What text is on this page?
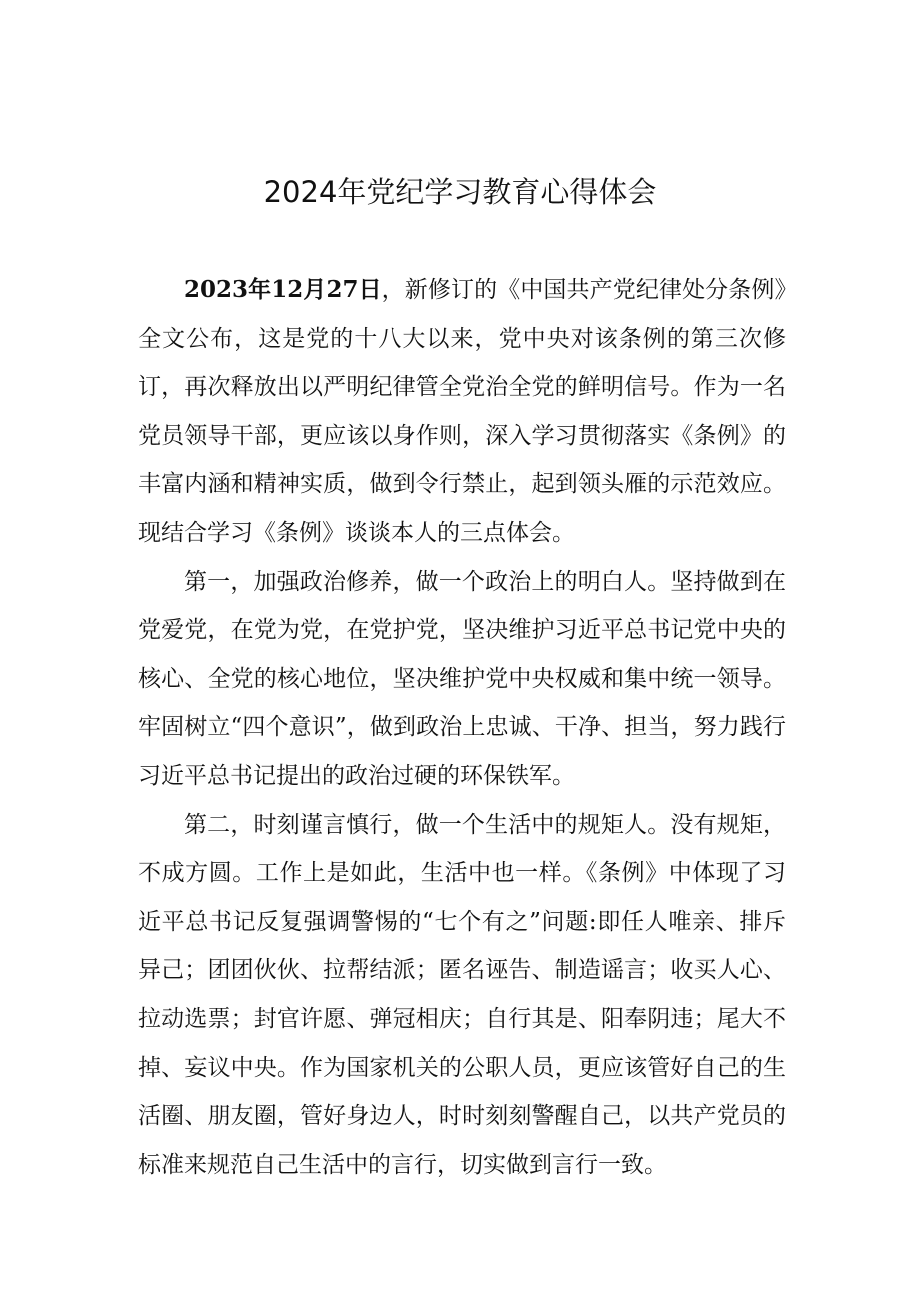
2024年党纪学习教育心得体会

2023年12月27日，新修订的《中国共产党纪律处分条例》全文公布，这是党的十八大以来，党中央对该条例的第三次修订，再次释放出以严明纪律管全党治全党的鲜明信号。作为一名党员领导干部，更应该以身作则，深入学习贯彻落实《条例》的丰富内涵和精神实质，做到令行禁止，起到领头雁的示范效应。现结合学习《条例》谈谈本人的三点体会。

第一，加强政治修养，做一个政治上的明白人。坚持做到在党爱党，在党为党，在党护党，坚决维护习近平总书记党中央的核心、全党的核心地位，坚决维护党中央权威和集中统一领导。牢固树立“四个意识”，做到政治上忠诚、干净、担当，努力践行习近平总书记提出的政治过硬的环保铁军。

第二，时刻谨言慎行，做一个生活中的规矩人。没有规矩，不成方圆。工作上是如此，生活中也一样。《条例》中体现了习近平总书记反复强调警惕的“七个有之”问题:即任人唯亲、排斥异己；团团伙伙、拉帮结派；匿名诬告、制造谣言；收买人心、拉动选票；封官许愿、弹冠相庆；自行其是、阳奉阴违；尾大不掉、妄议中央。作为国家机关的公职人员，更应该管好自己的生活圈、朋友圈，管好身边人，时时刻刻警醒自己，以共产党员的标准来规范自己生活中的言行，切实做到言行一致。
